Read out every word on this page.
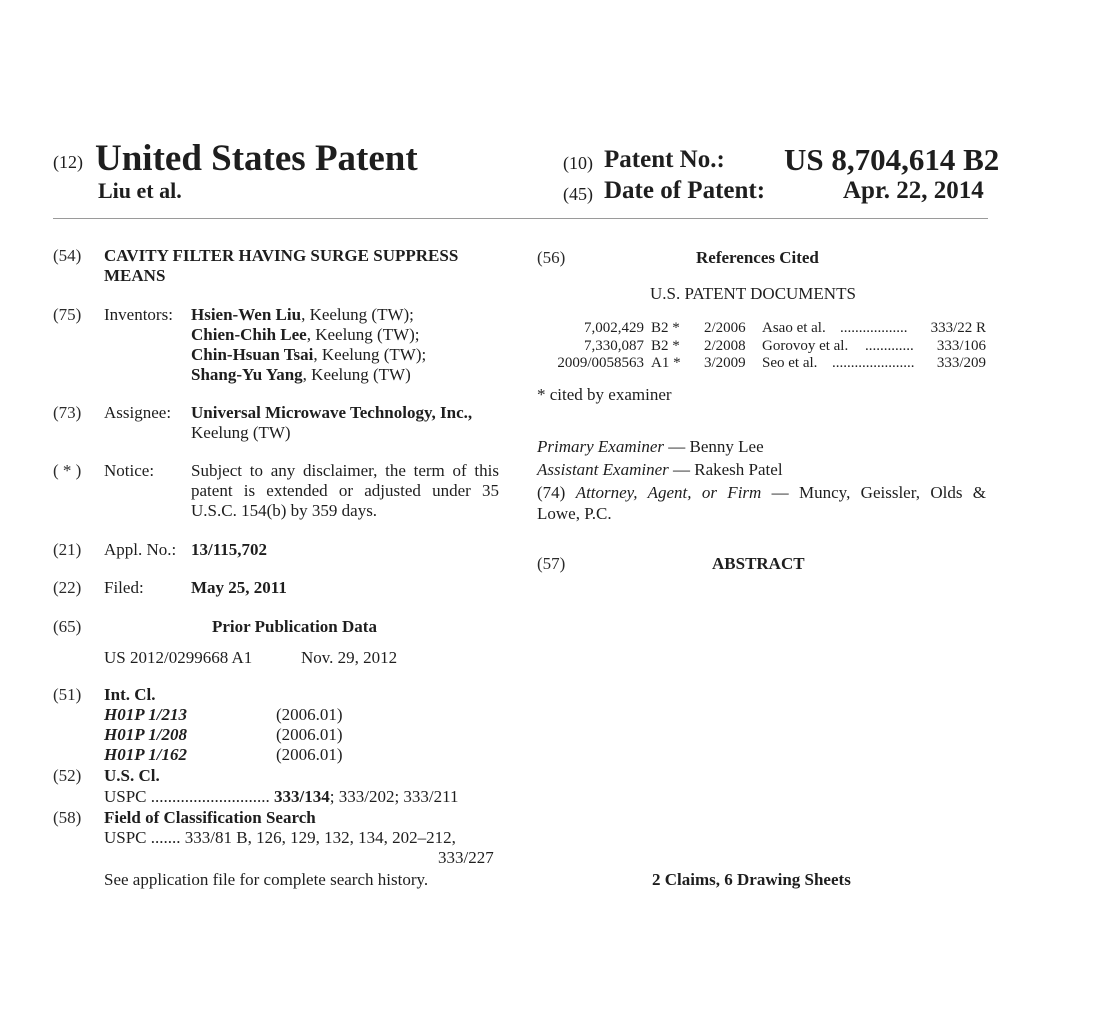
(12) United States Patent
Liu et al.
(10) Patent No.: US 8,704,614 B2
(45) Date of Patent:	Apr. 22, 2014
(54) CAVITY FILTER HAVING SURGE SUPPRESS
MEANS
(75) Inventors: Hsien-Wen Liu, Keelung (TW);
Chien-Chih Lee, Keelung (TW);
Chin-Hsuan Tsai, Keelung (TW);
Shang-Yu Yang, Keelung (TW)
(73) Assignee: Universal Microwave Technology, Inc.,
Keelung (TW)
( * ) Notice: Subject to any disclaimer, the term of this
patent is extended or adjusted under 35
U.S.C. 154(b) by 359 days.
(21) Appl. No.: 13/115,702
(22) Filed:	May 25, 2011
(65)	Prior Publication Data
US 2012/0299668 A1	Nov. 29, 2012
(51) Int. Cl.
H01P 1/213	(2006.01)
H01P 1/208	(2006.01)
H01P 1/162	(2006.01)
(52) U.S. Cl.
USPC ............................ 333/134; 333/202; 333/211
(58) Field of Classification Search
USPC ....... 333/81 B, 126, 129, 132, 134, 202–212,
333/227
See application file for complete search history.
(56)	References Cited
U.S. PATENT DOCUMENTS
7,002,429 B2 * 2/2006 Asao et al. ..................	333/22 R
7,330,087 B2 * 2/2008 Gorovoy et al. .............	333/106
2009/0058563 A1 * 3/2009 Seo et al. ......................	333/209
* cited by examiner
Primary Examiner — Benny Lee
Assistant Examiner — Rakesh Patel
(74) Attorney, Agent, or Firm — Muncy, Geissler, Olds &
Lowe, P.C.
(57)	ABSTRACT
2 Claims, 6 Drawing Sheets
